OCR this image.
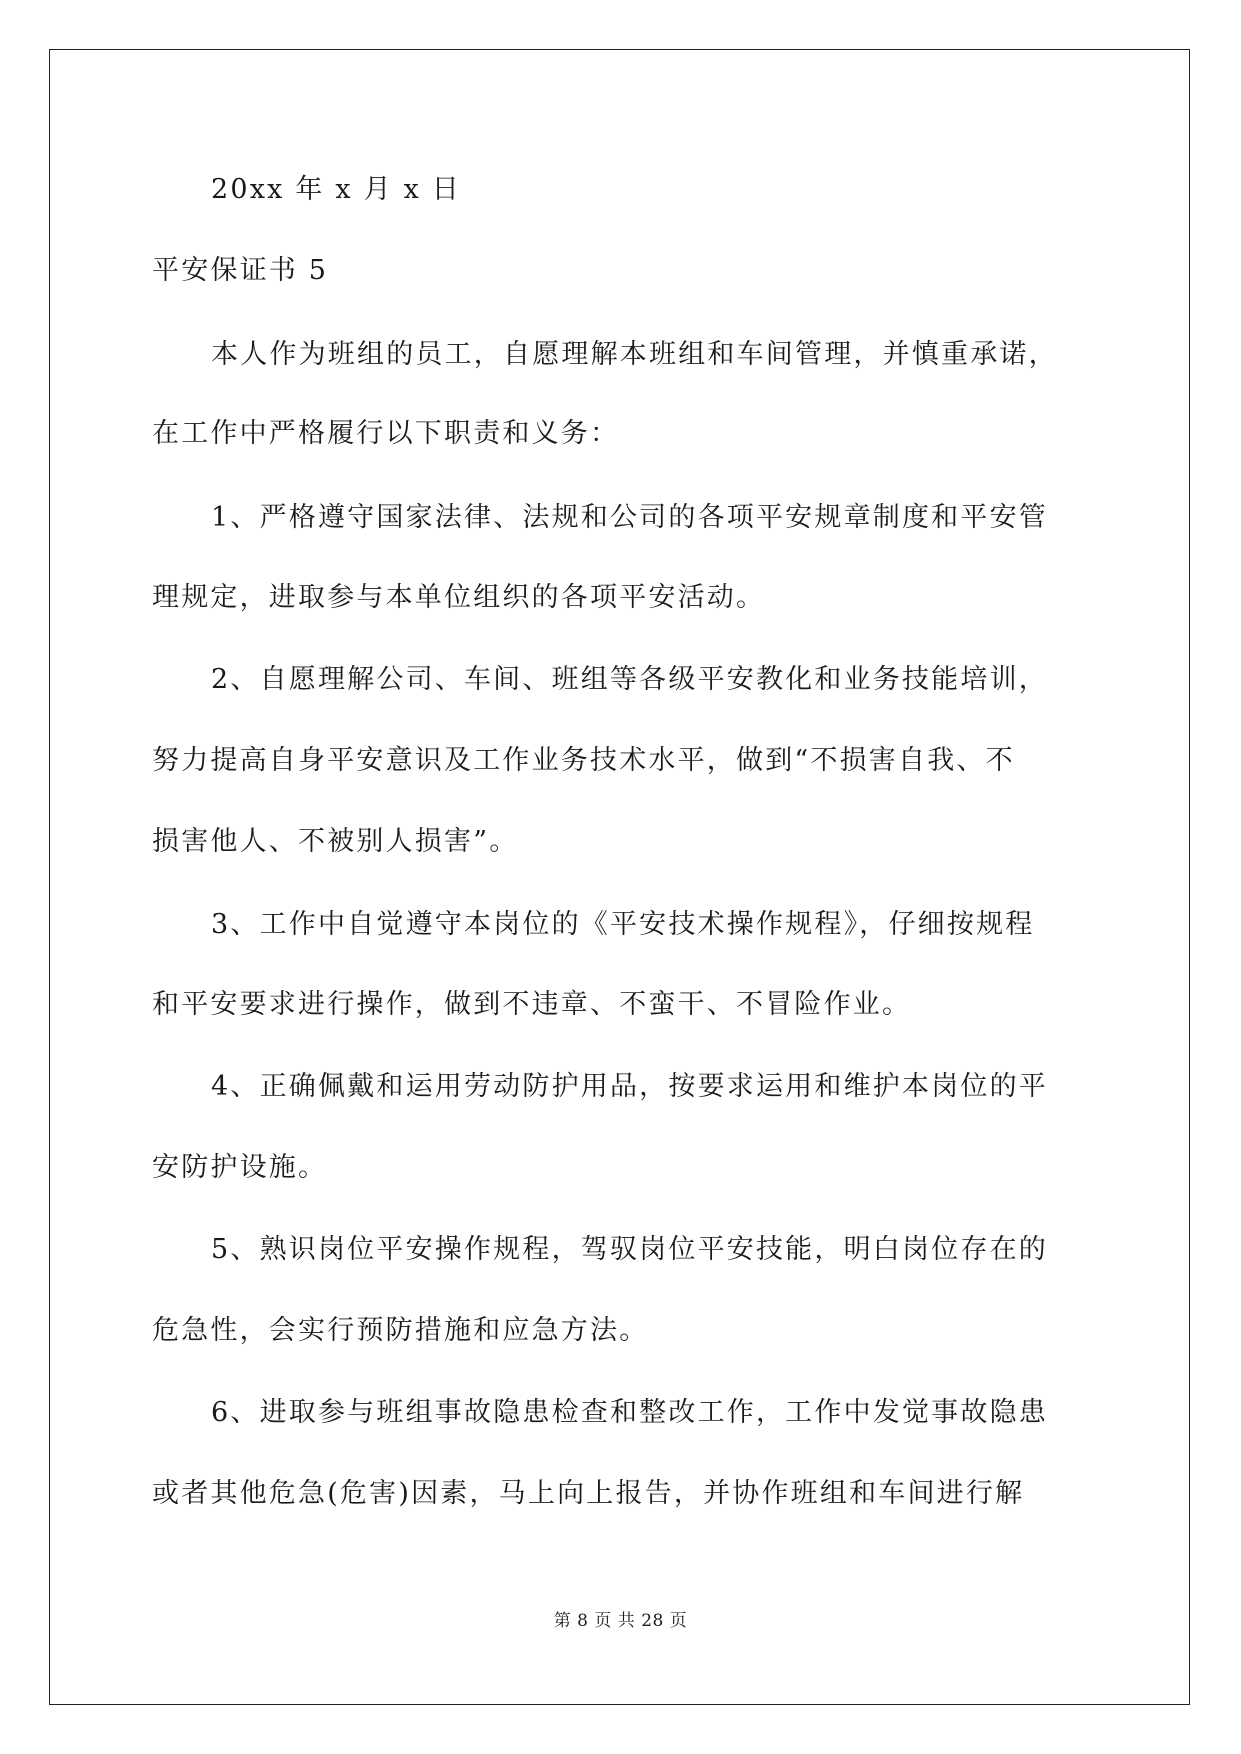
20xx 年 x 月 x 日
平安保证书 5
本人作为班组的员工，自愿理解本班组和车间管理，并慎重承诺，
在工作中严格履行以下职责和义务：
1、严格遵守国家法律、法规和公司的各项平安规章制度和平安管
理规定，进取参与本单位组织的各项平安活动。
2、自愿理解公司、车间、班组等各级平安教化和业务技能培训，
努力提高自身平安意识及工作业务技术水平，做到“不损害自我、不
损害他人、不被别人损害”。
3、工作中自觉遵守本岗位的《平安技术操作规程》，仔细按规程
和平安要求进行操作，做到不违章、不蛮干、不冒险作业。
4、正确佩戴和运用劳动防护用品，按要求运用和维护本岗位的平
安防护设施。
5、熟识岗位平安操作规程，驾驭岗位平安技能，明白岗位存在的
危急性，会实行预防措施和应急方法。
6、进取参与班组事故隐患检查和整改工作，工作中发觉事故隐患
或者其他危急(危害)因素，马上向上报告，并协作班组和车间进行解
第 8 页 共 28 页
